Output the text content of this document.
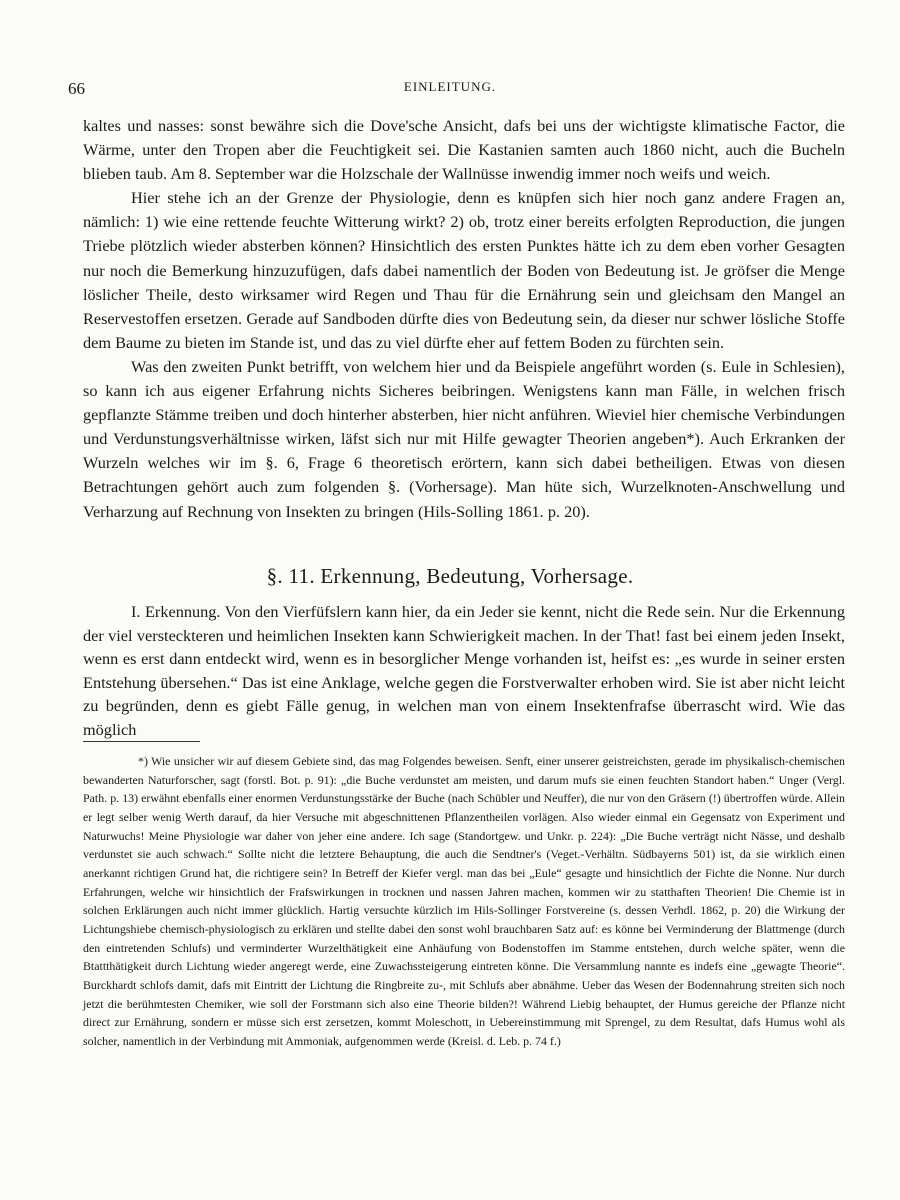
66	EINLEITUNG.

kaltes und nasses: sonst bewähre sich die Dove'sche Ansicht, dafs bei uns der wichtigste klimatische Factor, die Wärme, unter den Tropen aber die Feuchtigkeit sei. Die Kastanien samten auch 1860 nicht, auch die Bucheln blieben taub. Am 8. September war die Holzschale der Wallnüsse inwendig immer noch weifs und weich.

Hier stehe ich an der Grenze der Physiologie, denn es knüpfen sich hier noch ganz andere Fragen an, nämlich: 1) wie eine rettende feuchte Witterung wirkt? 2) ob, trotz einer bereits erfolgten Reproduction, die jungen Triebe plötzlich wieder absterben können? Hinsichtlich des ersten Punktes hätte ich zu dem eben vorher Gesagten nur noch die Bemerkung hinzuzufügen, dafs dabei namentlich der Boden von Bedeutung ist. Je gröfser die Menge löslicher Theile, desto wirksamer wird Regen und Thau für die Ernährung sein und gleichsam den Mangel an Reservestoffen ersetzen. Gerade auf Sandboden dürfte dies von Bedeutung sein, da dieser nur schwer lösliche Stoffe dem Baume zu bieten im Stande ist, und das zu viel dürfte eher auf fettem Boden zu fürchten sein.

Was den zweiten Punkt betrifft, von welchem hier und da Beispiele angeführt worden (s. Eule in Schlesien), so kann ich aus eigener Erfahrung nichts Sicheres beibringen. Wenigstens kann man Fälle, in welchen frisch gepflanzte Stämme treiben und doch hinterher absterben, hier nicht anführen. Wieviel hier chemische Verbindungen und Verdunstungsverhältnisse wirken, läfst sich nur mit Hilfe gewagter Theorien angeben*). Auch Erkranken der Wurzeln welches wir im §. 6, Frage 6 theoretisch erörtern, kann sich dabei betheiligen. Etwas von diesen Betrachtungen gehört auch zum folgenden §. (Vorhersage). Man hüte sich, Wurzelknoten-Anschwellung und Verharzung auf Rechnung von Insekten zu bringen (Hils-Solling 1861. p. 20).

§. 11. Erkennung, Bedeutung, Vorhersage.

I. Erkennung. Von den Vierfüfslern kann hier, da ein Jeder sie kennt, nicht die Rede sein. Nur die Erkennung der viel versteckteren und heimlichen Insekten kann Schwierigkeit machen. In der That! fast bei einem jeden Insekt, wenn es erst dann entdeckt wird, wenn es in besorglicher Menge vorhanden ist, heifst es: „es wurde in seiner ersten Entstehung übersehen.“ Das ist eine Anklage, welche gegen die Forstverwalter erhoben wird. Sie ist aber nicht leicht zu begründen, denn es giebt Fälle genug, in welchen man von einem Insektenfrafse überrascht wird. Wie das möglich

*) Wie unsicher wir auf diesem Gebiete sind, das mag Folgendes beweisen. Senft, einer unserer geistreichsten, gerade im physikalisch-chemischen bewanderten Naturforscher, sagt (forstl. Bot. p. 91): „die Buche verdunstet am meisten, und darum mufs sie einen feuchten Standort haben.“ Unger (Vergl. Path. p. 13) erwähnt ebenfalls einer enormen Verdunstungsstärke der Buche (nach Schübler und Neuffer), die nur von den Gräsern (!) übertroffen würde. Allein er legt selber wenig Werth darauf, da hier Versuche mit abgeschnittenen Pflanzentheilen vorlägen. Also wieder einmal ein Gegensatz von Experiment und Naturwuchs! Meine Physiologie war daher von jeher eine andere. Ich sage (Standortgew. und Unkr. p. 224): „Die Buche verträgt nicht Nässe, und deshalb verdunstet sie auch schwach.“ Sollte nicht die letztere Behauptung, die auch die Sendtner's (Veget.-Verhältn. Südbayerns 501) ist, da sie wirklich einen anerkannt richtigen Grund hat, die richtigere sein? In Betreff der Kiefer vergl. man das bei „Eule“ gesagte und hinsichtlich der Fichte die Nonne. Nur durch Erfahrungen, welche wir hinsichtlich der Frafswirkungen in trocknen und nassen Jahren machen, kommen wir zu statthaften Theorien! Die Chemie ist in solchen Erklärungen auch nicht immer glücklich. Hartig versuchte kürzlich im Hils-Sollinger Forstvereine (s. dessen Verhdl. 1862, p. 20) die Wirkung der Lichtungshiebe chemisch-physiologisch zu erklären und stellte dabei den sonst wohl brauchbaren Satz auf: es könne bei Verminderung der Blattmenge (durch den eintretenden Schlufs) und verminderter Wurzelthätigkeit eine Anhäufung von Bodenstoffen im Stamme entstehen, durch welche später, wenn die Btattthätigkeit durch Lichtung wieder angeregt werde, eine Zuwachssteigerung eintreten könne. Die Versammlung nannte es indefs eine „gewagte Theorie“. Burckhardt schlofs damit, dafs mit Eintritt der Lichtung die Ringbreite zu-, mit Schlufs aber abnähme. Ueber das Wesen der Bodennahrung streiten sich noch jetzt die berühmtesten Chemiker, wie soll der Forstmann sich also eine Theorie bilden?! Während Liebig behauptet, der Humus gereiche der Pflanze nicht direct zur Ernährung, sondern er müsse sich erst zersetzen, kommt Moleschott, in Uebereinstimmung mit Sprengel, zu dem Resultat, dafs Humus wohl als solcher, namentlich in der Verbindung mit Ammoniak, aufgenommen werde (Kreisl. d. Leb. p. 74 f.)
